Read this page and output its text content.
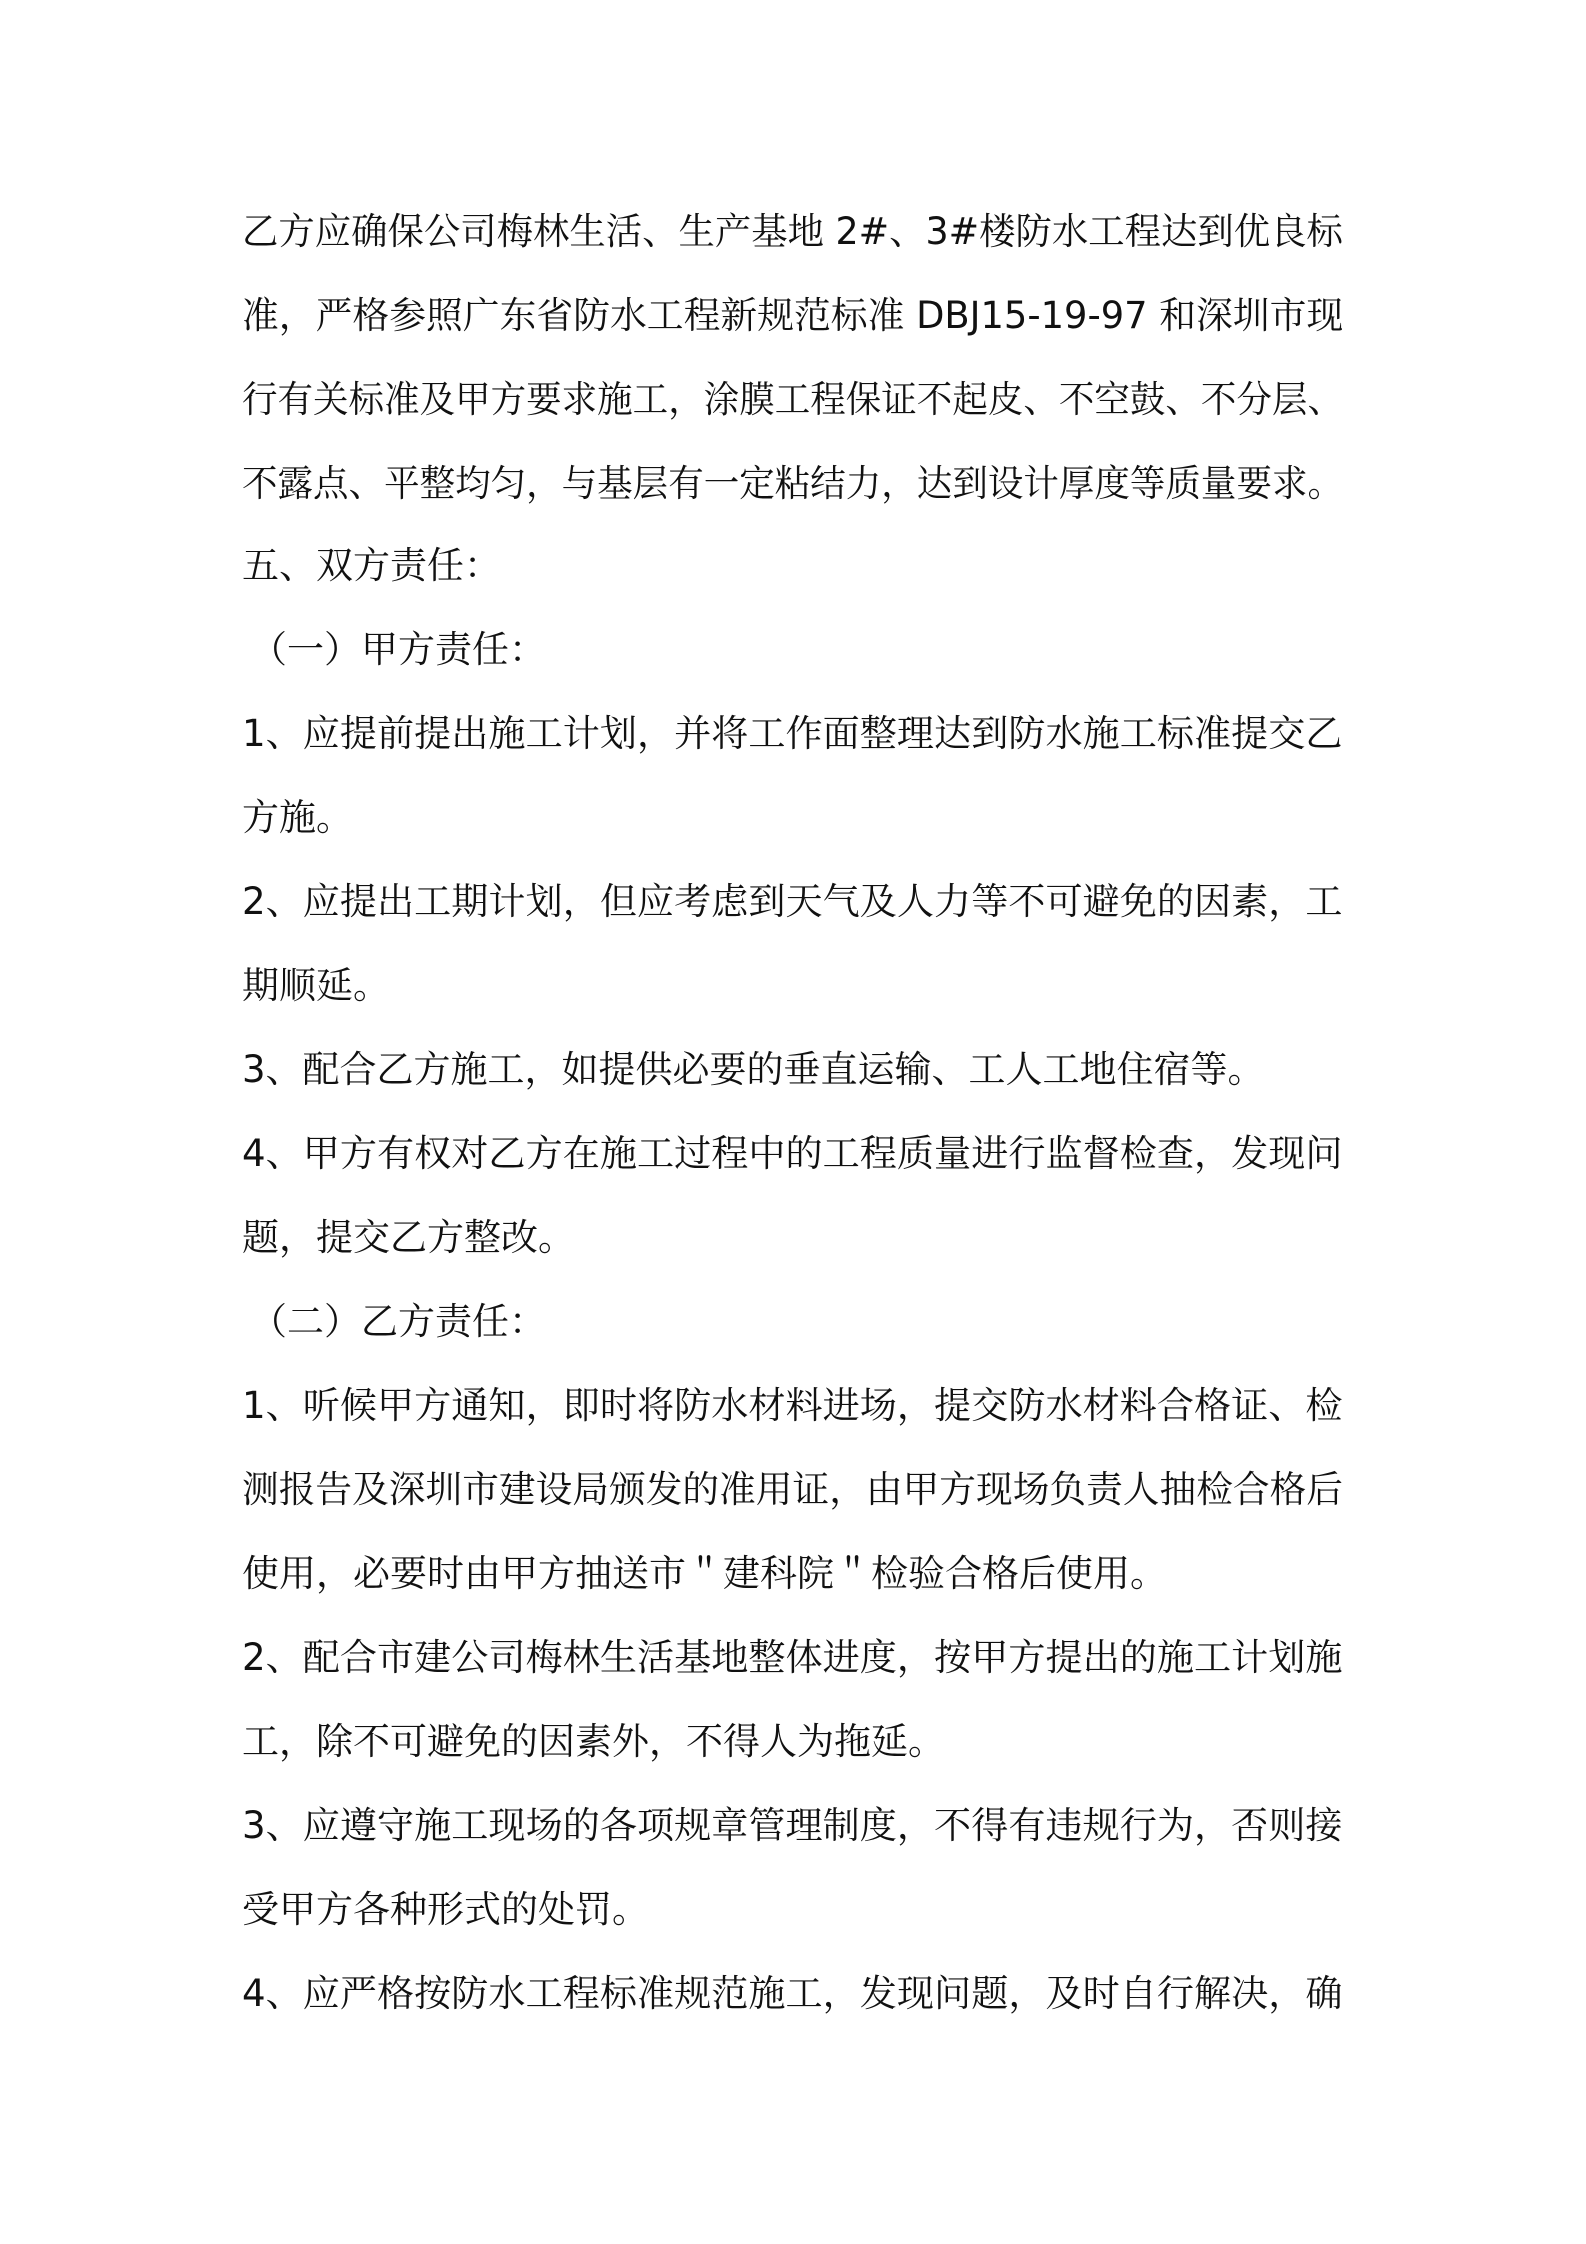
乙方应确保公司梅林生活、生产基地 2#、3#楼防水工程达到优良标
准，严格参照广东省防水工程新规范标准 DBJ15-19-97 和深圳市现
行有关标准及甲方要求施工，涂膜工程保证不起皮、不空鼓、不分层、
不露点、平整均匀，与基层有一定粘结力，达到设计厚度等质量要求。
五、双方责任：
（一）甲方责任：
1、应提前提出施工计划，并将工作面整理达到防水施工标准提交乙
方施。
2、应提出工期计划，但应考虑到天气及人力等不可避免的因素，工
期顺延。
3、配合乙方施工，如提供必要的垂直运输、工人工地住宿等。
4、甲方有权对乙方在施工过程中的工程质量进行监督检查，发现问
题，提交乙方整改。
（二）乙方责任：
1、听候甲方通知，即时将防水材料进场，提交防水材料合格证、检
测报告及深圳市建设局颁发的准用证，由甲方现场负责人抽检合格后
使用，必要时由甲方抽送市＂建科院＂检验合格后使用。
2、配合市建公司梅林生活基地整体进度，按甲方提出的施工计划施
工，除不可避免的因素外，不得人为拖延。
3、应遵守施工现场的各项规章管理制度，不得有违规行为，否则接
受甲方各种形式的处罚。
4、应严格按防水工程标准规范施工，发现问题，及时自行解决，确
